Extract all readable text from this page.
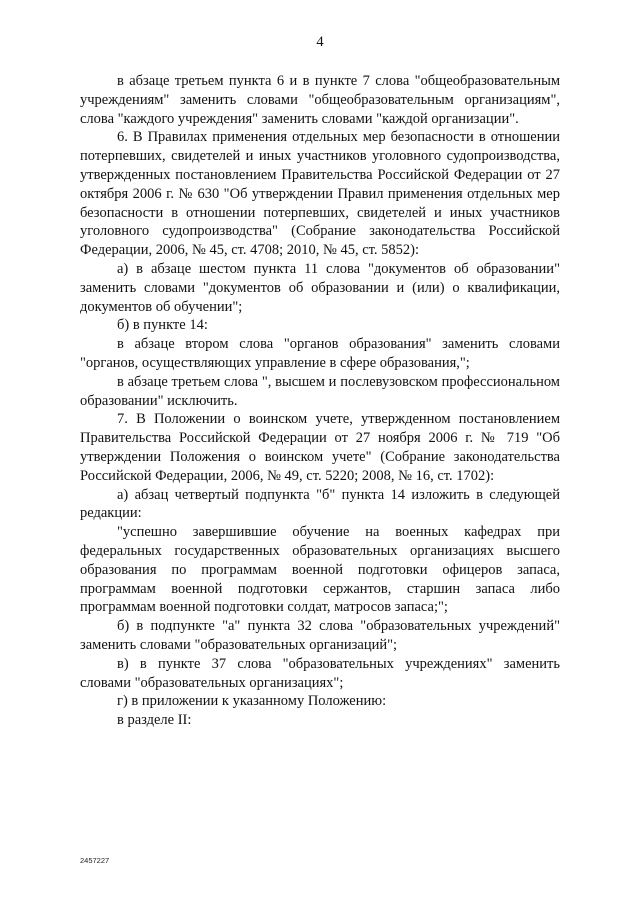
4

в абзаце третьем пункта 6 и в пункте 7 слова "общеобразовательным учреждениям" заменить словами "общеобразовательным организациям", слова "каждого учреждения" заменить словами "каждой организации".

6. В Правилах применения отдельных мер безопасности в отношении потерпевших, свидетелей и иных участников уголовного судопроизводства, утвержденных постановлением Правительства Российской Федерации от 27 октября 2006 г. № 630 "Об утверждении Правил применения отдельных мер безопасности в отношении потерпевших, свидетелей и иных участников уголовного судопроизводства" (Собрание законодательства Российской Федерации, 2006, № 45, ст. 4708; 2010, № 45, ст. 5852):

а) в абзаце шестом пункта 11 слова "документов об образовании" заменить словами "документов об образовании и (или) о квалификации, документов об обучении";

б) в пункте 14:

в абзаце втором слова "органов образования" заменить словами "органов, осуществляющих управление в сфере образования,";

в абзаце третьем слова ", высшем и послевузовском профессиональном образовании" исключить.

7. В Положении о воинском учете, утвержденном постановлением Правительства Российской Федерации от 27 ноября 2006 г. № 719 "Об утверждении Положения о воинском учете" (Собрание законодательства Российской Федерации, 2006, № 49, ст. 5220; 2008, № 16, ст. 1702):

а) абзац четвертый подпункта "б" пункта 14 изложить в следующей редакции:

"успешно завершившие обучение на военных кафедрах при федеральных государственных образовательных организациях высшего образования по программам военной подготовки офицеров запаса, программам военной подготовки сержантов, старшин запаса либо программам военной подготовки солдат, матросов запаса;";

б) в подпункте "а" пункта 32 слова "образовательных учреждений" заменить словами "образовательных организаций";

в) в пункте 37 слова "образовательных учреждениях" заменить словами "образовательных организациях";

г) в приложении к указанному Положению:

в разделе II:

2457227
